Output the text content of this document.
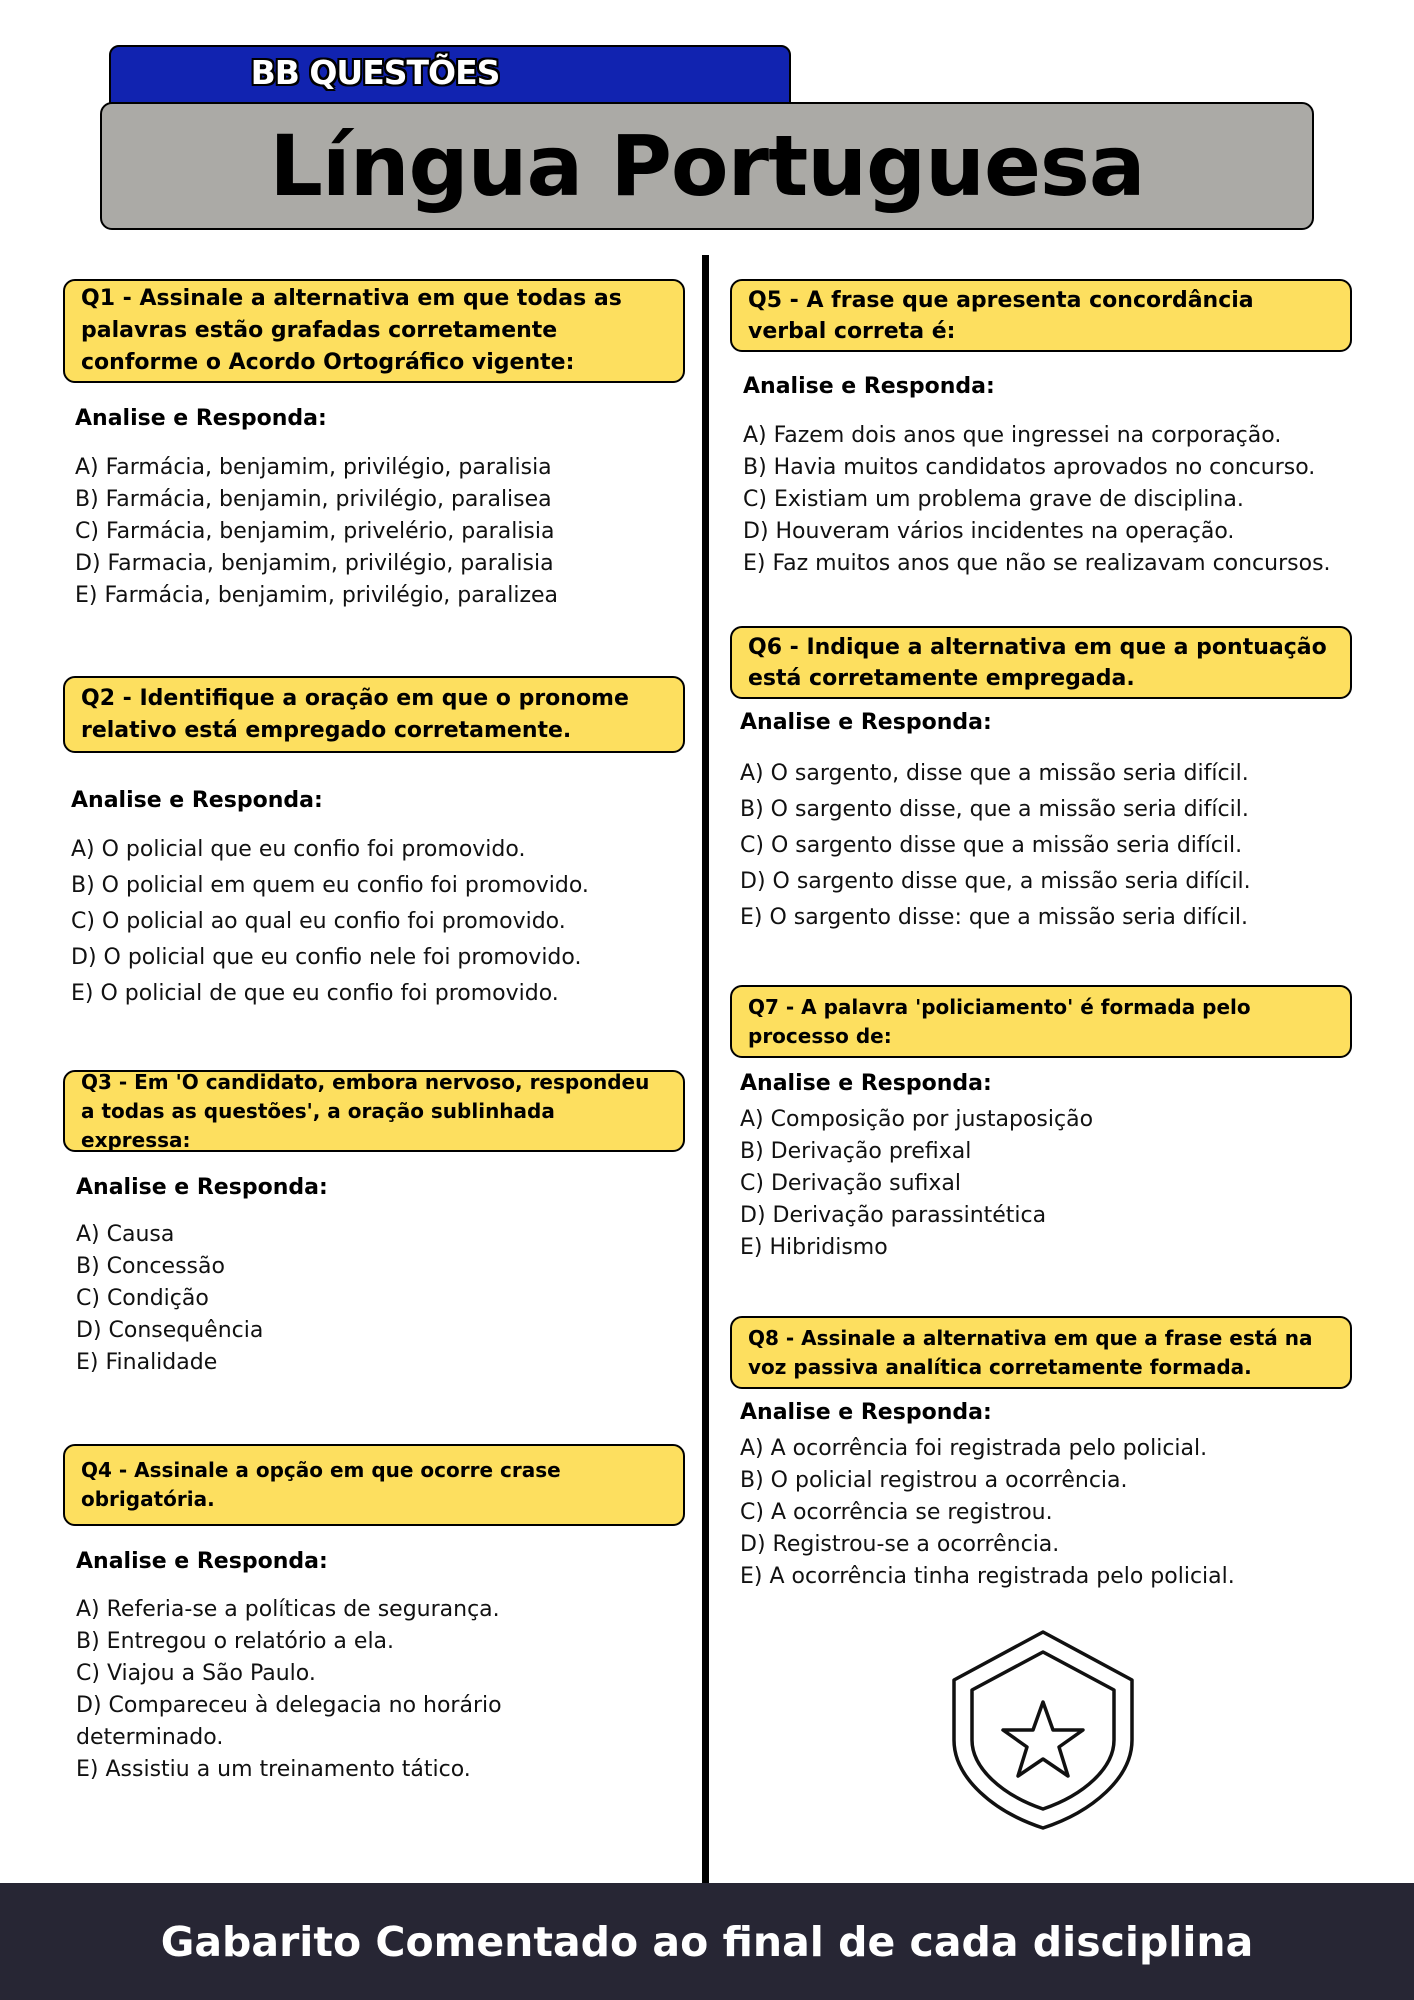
BB QUESTÕES
Língua Portuguesa
Q1 - Assinale a alternativa em que todas as palavras estão grafadas corretamente conforme o Acordo Ortográfico vigente:
Analise e Responda:
A) Farmácia, benjamim, privilégio, paralisia
B) Farmácia, benjamin, privilégio, paralisea
C) Farmácia, benjamim, privelério, paralisia
D) Farmacia, benjamim, privilégio, paralisia
E) Farmácia, benjamim, privilégio, paralizea
Q2 - Identifique a oração em que o pronome relativo está empregado corretamente.
Analise e Responda:
A) O policial que eu confio foi promovido.
B) O policial em quem eu confio foi promovido.
C) O policial ao qual eu confio foi promovido.
D) O policial que eu confio nele foi promovido.
E) O policial de que eu confio foi promovido.
Q3 - Em 'O candidato, embora nervoso, respondeu a todas as questões', a oração sublinhada expressa:
Analise e Responda:
A) Causa
B) Concessão
C) Condição
D) Consequência
E) Finalidade
Q4 - Assinale a opção em que ocorre crase obrigatória.
Analise e Responda:
A) Referia-se a políticas de segurança.
B) Entregou o relatório a ela.
C) Viajou a São Paulo.
D) Compareceu à delegacia no horário determinado.
E) Assistiu a um treinamento tático.
Q5 - A frase que apresenta concordância verbal correta é:
Analise e Responda:
A) Fazem dois anos que ingressei na corporação.
B) Havia muitos candidatos aprovados no concurso.
C) Existiam um problema grave de disciplina.
D) Houveram vários incidentes na operação.
E) Faz muitos anos que não se realizavam concursos.
Q6 - Indique a alternativa em que a pontuação está corretamente empregada.
Analise e Responda:
A) O sargento, disse que a missão seria difícil.
B) O sargento disse, que a missão seria difícil.
C) O sargento disse que a missão seria difícil.
D) O sargento disse que, a missão seria difícil.
E) O sargento disse: que a missão seria difícil.
Q7 - A palavra 'policiamento' é formada pelo processo de:
Analise e Responda:
A) Composição por justaposição
B) Derivação prefixal
C) Derivação sufixal
D) Derivação parassintética
E) Hibridismo
Q8 - Assinale a alternativa em que a frase está na voz passiva analítica corretamente formada.
Analise e Responda:
A) A ocorrência foi registrada pelo policial.
B) O policial registrou a ocorrência.
C) A ocorrência se registrou.
D) Registrou-se a ocorrência.
E) A ocorrência tinha registrada pelo policial.
Gabarito Comentado ao final de cada disciplina
